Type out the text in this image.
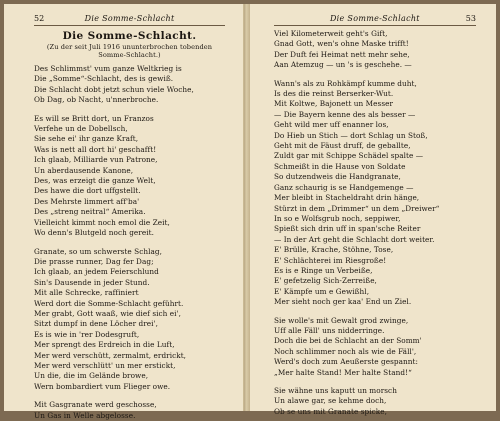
52	Die Somme-Schlacht
Die Somme-Schlacht.
(Zu der seit Juli 1916 ununterbrochen tobenden Somme-Schlacht.)
Des Schlimmst' vum ganze Weltkrieg is
Die „Somme“-Schlacht, des is gewiß.
Die Schlacht dobt jetzt schun viele Woche,
Ob Dag, ob Nacht, u'nnerbroche.
Es will se Britt dort, un Franzos
Verfehe un de Dobellsch,
Sie sehe ei' ihr ganze Kraft,
Was is nett all dort hi' geschafft!
Ich glaab, Milliarde vun Patrone,
Un aberdausende Kanone,
Des, was erzeigt die ganze Welt,
Des hawe die dort uffgstellt.
Des Mehrste limmert aff'ba'
Des „streng neitral“ Amerika.
Vielleicht kimmt noch emol die Zeit,
Wo denn's Blutgeld noch gereit.
Granate, so um schwerste Schlag,
Die prasse runner, Dag fer Dag;
Ich glaab, an jedem Feierschlund
Sin's Dausende in jeder Stund.
Mit alle Schrecke, raffiniert
Werd dort die Somme-Schlacht geführt.
Mer grabt, Gott waaß, wie dief sich ei',
Sitzt dumpf in dene Löcher drei',
Es is wie in 'rer Dodesgruft,
Mer sprengt des Erdreich in die Luft,
Mer werd verschütt, zermalmt, erdrickt,
Mer werd verschlütt' un mer erstickt,
Un die, die im Gelände browe,
Wern bombardiert vum Flieger owe.
Mit Gasgranate werd geschosse,
Un Gas in Welle abgelosse.
Die Somme-Schlacht	53
Viel Kilometerweit geht's Gift,
Gnad Gott, wen's ohne Maske trifft!
Der Duft fei Heimat nett mehr sehe,
Aan Atemzug — un 's is geschehe. —
Wann's als zu Rohkämpf kumme duht,
Is des die reinst Berserker-Wut.
Mit Koltwe, Bajonett un Messer
— Die Bayern kenne des als besser —
Geht wild mer uff enanner los,
Do Hieb un Stich — dort Schlag un Stoß,
Geht mit de Fäust druff, de geballte,
Zuldt gar mit Schippe Schädel spalte —
Schmeißt in die Hause von Soldate
So dutzendweis die Handgranate,
Ganz schaurig is se Handgemenge —
Mer bleibt in Stacheldraht drin hänge,
Stürzt in dem „Drimmer“ un dem „Dreiwer“
In so e Wolfsgrub noch, seppiwer,
Spießt sich drin uff in span'sche Reiter
— In der Art geht die Schlacht dort weiter.
E' Brülle, Krache, Stöhne, Tose,
E' Schlächterei im Riesgroße!
Es is e Ringe un Verbeiße,
E' gefetzelig Sich-Zerreiße,
E' Kämpfe um e Gewißhl,
Mer sieht noch ger kaa' End un Ziel.
Sie wolle's mit Gewalt grod zwinge,
Uff alle Fäll' uns nidderringe.
Doch die bei de Schlacht an der Somm'
Noch schlimmer noch als wie de Fäll',
Werd's doch zum Aeußerste gespannt:
„Mer halte Stand! Mer halte Stand!“
Sie wähne uns kaputt un morsch
Un alawe gar, se kehme doch,
Ob se uns mit Granate spicke,
